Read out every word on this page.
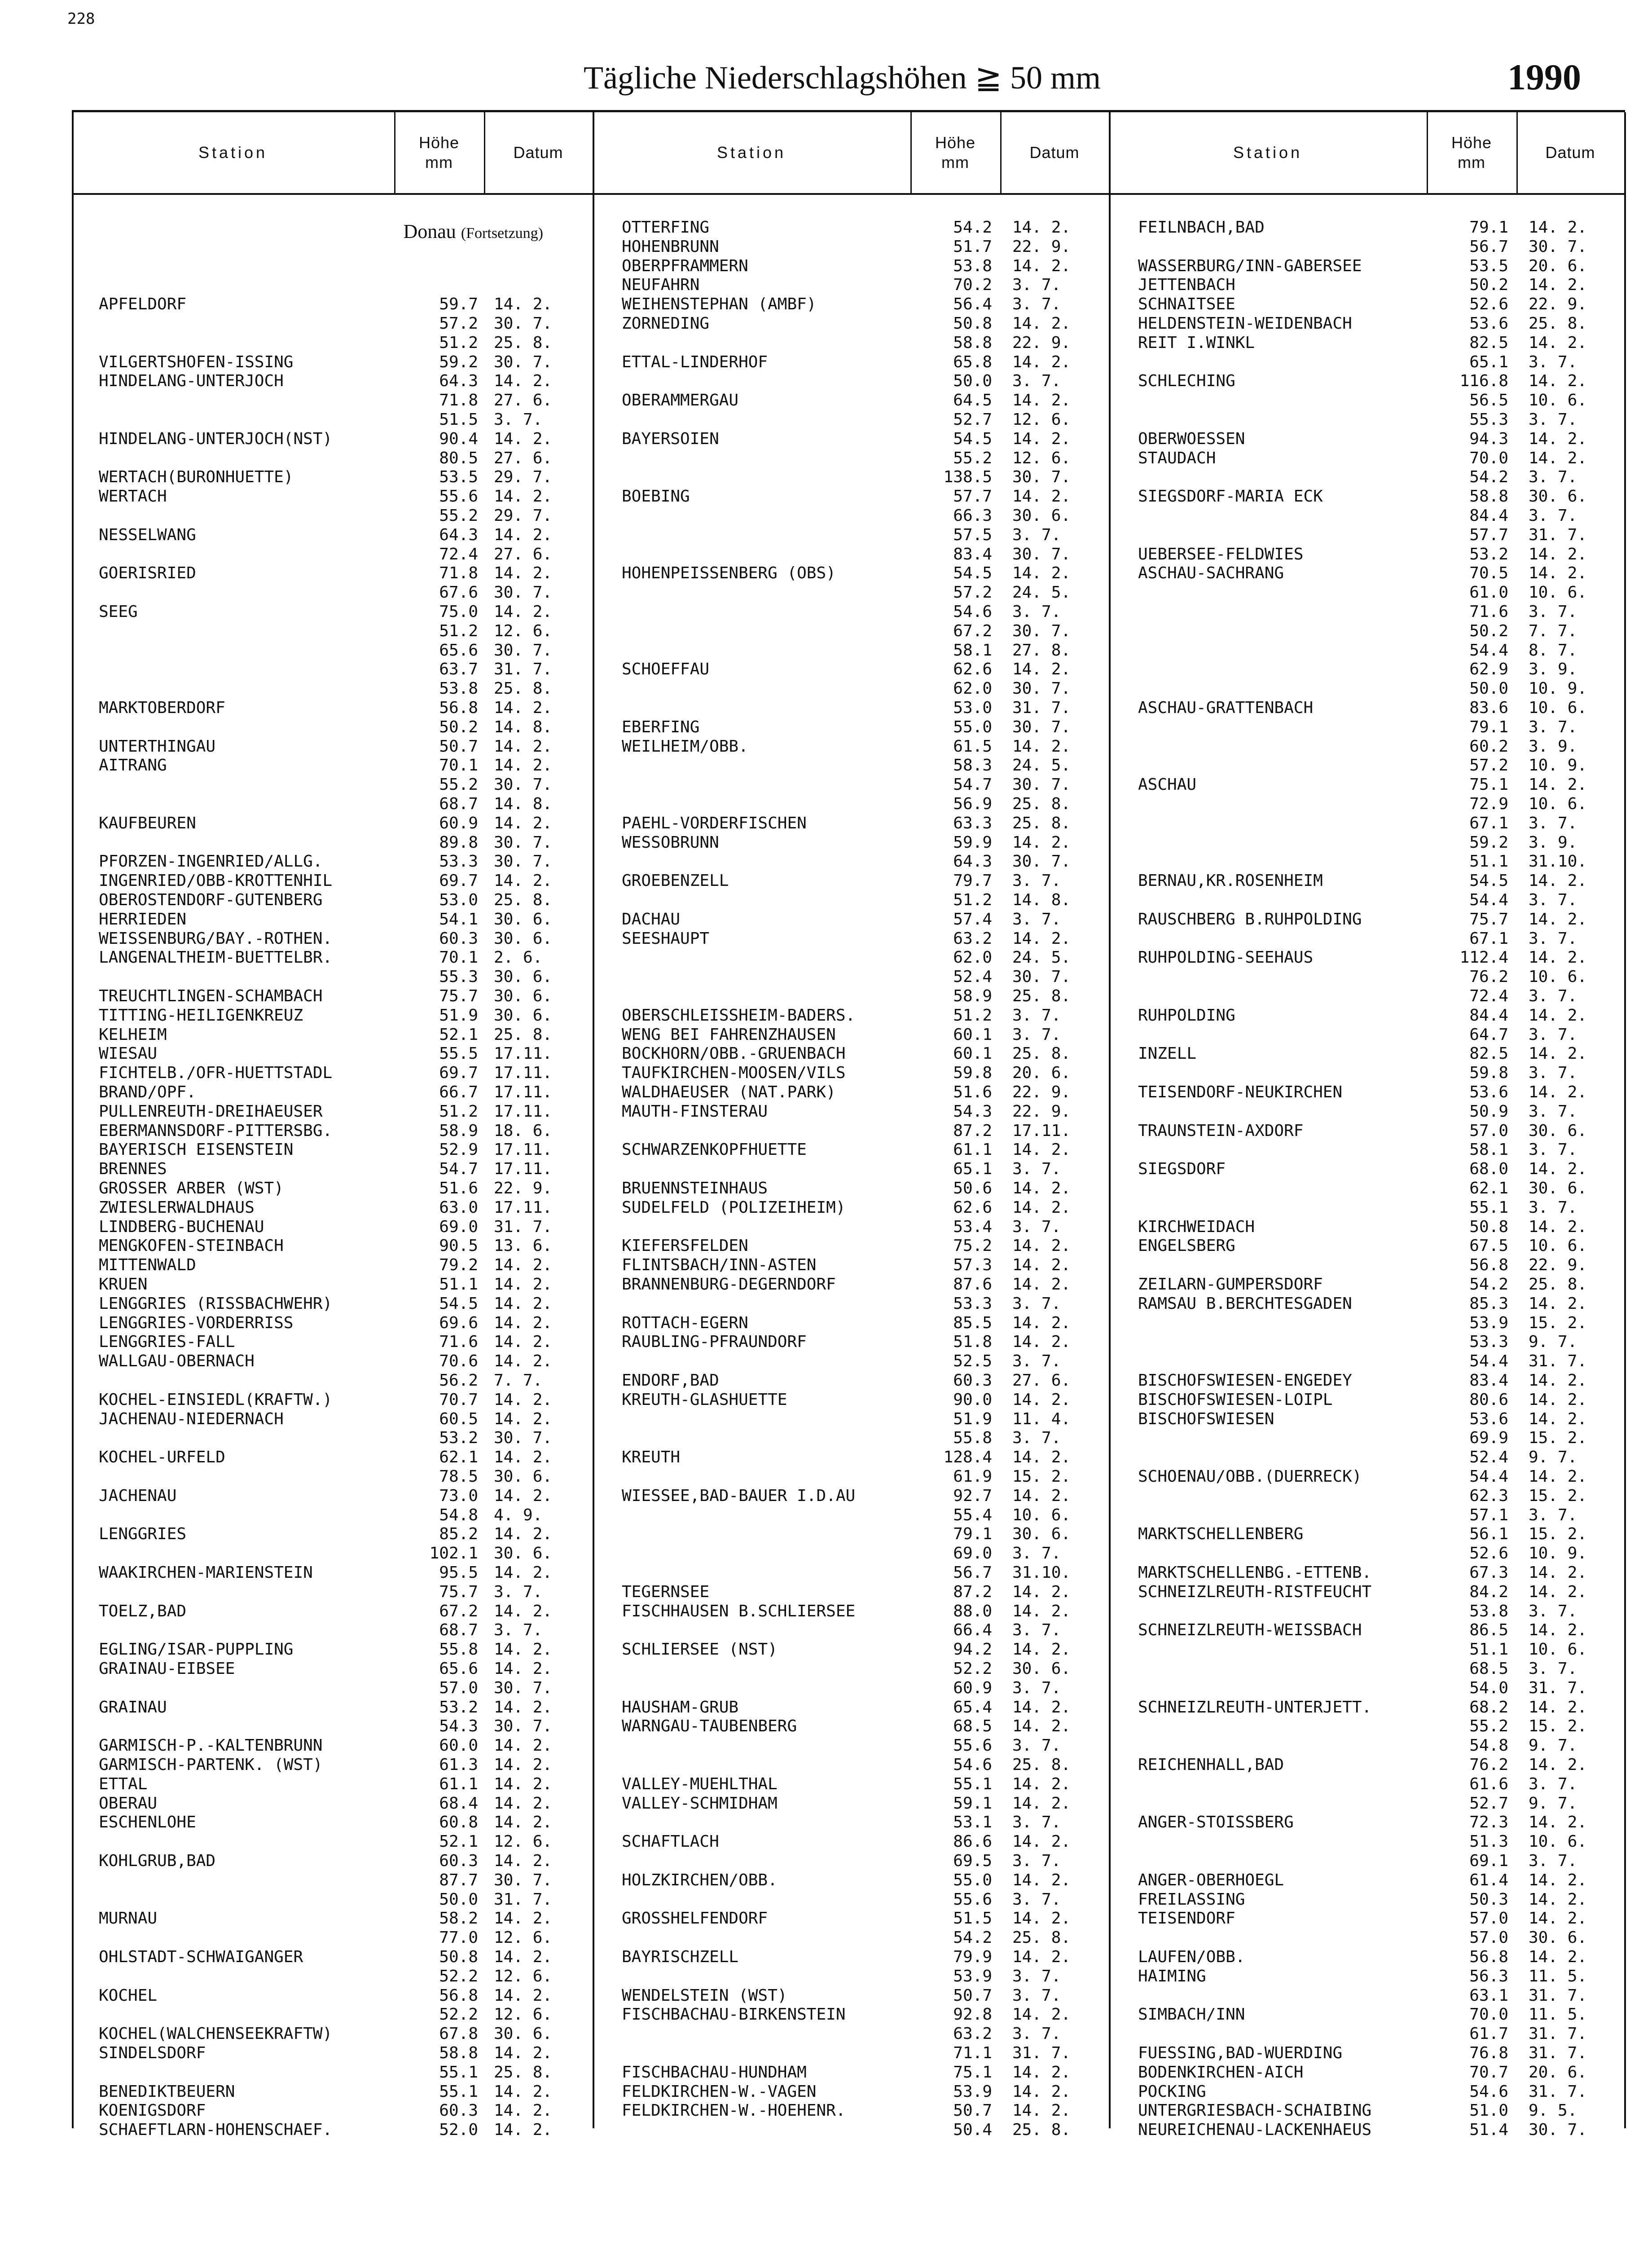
228
Tägliche Niederschlagshöhen ≧ 50 mm	1990
Station
Höhe
mm
Datum	Station
Höhe
mm
Datum	Station
Höhe
mm
Datum
Donau (Fortsetzung)
APFELDORF	59.7 14. 2.
57.2 30. 7.
51.2 25. 8.
VILGERTSHOFEN-ISSING	59.2 30. 7.
HINDELANG-UNTERJOCH	64.3 14. 2.
71.8 27. 6.
51.5 3. 7.
HINDELANG-UNTERJOCH(NST)	90.4 14. 2.
80.5 27. 6.
WERTACH(BURONHUETTE)	53.5 29. 7.
WERTACH	55.6 14. 2.
55.2 29. 7.
NESSELWANG	64.3 14. 2.
72.4 27. 6.
GOERISRIED	71.8 14. 2.
67.6 30. 7.
SEEG	75.0 14. 2.
51.2 12. 6.
65.6 30. 7.
63.7 31. 7.
53.8 25. 8.
MARKTOBERDORF	56.8 14. 2.
50.2 14. 8.
UNTERTHINGAU	50.7 14. 2.
AITRANG	70.1 14. 2.
55.2 30. 7.
68.7 14. 8.
KAUFBEUREN	60.9 14. 2.
89.8 30. 7.
PFORZEN-INGENRIED/ALLG.	53.3 30. 7.
INGENRIED/OBB-KROTTENHIL	69.7 14. 2.
OBEROSTENDORF-GUTENBERG	53.0 25. 8.
HERRIEDEN	54.1 30. 6.
WEISSENBURG/BAY.-ROTHEN.	60.3 30. 6.
LANGENALTHEIM-BUETTELBR.	70.1 2. 6.
55.3 30. 6.
TREUCHTLINGEN-SCHAMBACH	75.7 30. 6.
TITTING-HEILIGENKREUZ	51.9 30. 6.
KELHEIM	52.1 25. 8.
WIESAU	55.5 17.11.
FICHTELB./OFR-HUETTSTADL	69.7 17.11.
BRAND/OPF.	66.7 17.11.
PULLENREUTH-DREIHAEUSER	51.2 17.11.
EBERMANNSDORF-PITTERSBG.	58.9 18. 6.
BAYERISCH EISENSTEIN	52.9 17.11.
BRENNES	54.7 17.11.
GROSSER ARBER (WST)	51.6 22. 9.
ZWIESLERWALDHAUS	63.0 17.11.
LINDBERG-BUCHENAU	69.0 31. 7.
MENGKOFEN-STEINBACH	90.5 13. 6.
MITTENWALD	79.2 14. 2.
KRUEN	51.1 14. 2.
LENGGRIES (RISSBACHWEHR)	54.5 14. 2.
LENGGRIES-VORDERRISS	69.6 14. 2.
LENGGRIES-FALL	71.6 14. 2.
WALLGAU-OBERNACH	70.6 14. 2.
56.2 7. 7.
KOCHEL-EINSIEDL(KRAFTW.)	70.7 14. 2.
JACHENAU-NIEDERNACH	60.5 14. 2.
53.2 30. 7.
KOCHEL-URFELD	62.1 14. 2.
78.5 30. 6.
JACHENAU	73.0 14. 2.
54.8 4. 9.
LENGGRIES	85.2 14. 2.
102.1 30. 6.
WAAKIRCHEN-MARIENSTEIN	95.5 14. 2.
75.7 3. 7.
TOELZ,BAD	67.2 14. 2.
68.7 3. 7.
EGLING/ISAR-PUPPLING	55.8 14. 2.
GRAINAU-EIBSEE	65.6 14. 2.
57.0 30. 7.
GRAINAU	53.2 14. 2.
54.3 30. 7.
GARMISCH-P.-KALTENBRUNN	60.0 14. 2.
GARMISCH-PARTENK. (WST)	61.3 14. 2.
ETTAL	61.1 14. 2.
OBERAU	68.4 14. 2.
ESCHENLOHE	60.8 14. 2.
52.1 12. 6.
KOHLGRUB,BAD	60.3 14. 2.
87.7 30. 7.
50.0 31. 7.
MURNAU	58.2 14. 2.
77.0 12. 6.
OHLSTADT-SCHWAIGANGER	50.8 14. 2.
52.2 12. 6.
KOCHEL	56.8 14. 2.
52.2 12. 6.
KOCHEL(WALCHENSEEKRAFTW)	67.8 30. 6.
SINDELSDORF	58.8 14. 2.
55.1 25. 8.
BENEDIKTBEUERN	55.1 14. 2.
KOENIGSDORF	60.3 14. 2.
SCHAEFTLARN-HOHENSCHAEF.	52.0 14. 2.
OTTERFING	54.2 14. 2.
HOHENBRUNN	51.7 22. 9.
OBERPFRAMMERN	53.8 14. 2.
NEUFAHRN	70.2 3. 7.
WEIHENSTEPHAN (AMBF)	56.4 3. 7.
ZORNEDING	50.8 14. 2.
58.8 22. 9.
ETTAL-LINDERHOF	65.8 14. 2.
50.0 3. 7.
OBERAMMERGAU	64.5 14. 2.
52.7 12. 6.
BAYERSOIEN	54.5 14. 2.
55.2 12. 6.
138.5 30. 7.
BOEBING	57.7 14. 2.
66.3 30. 6.
57.5 3. 7.
83.4 30. 7.
HOHENPEISSENBERG (OBS)	54.5 14. 2.
57.2 24. 5.
54.6 3. 7.
67.2 30. 7.
58.1 27. 8.
SCHOEFFAU	62.6 14. 2.
62.0 30. 7.
53.0 31. 7.
EBERFING	55.0 30. 7.
WEILHEIM/OBB.	61.5 14. 2.
58.3 24. 5.
54.7 30. 7.
56.9 25. 8.
PAEHL-VORDERFISCHEN	63.3 25. 8.
WESSOBRUNN	59.9 14. 2.
64.3 30. 7.
GROEBENZELL	79.7 3. 7.
51.2 14. 8.
DACHAU	57.4 3. 7.
SEESHAUPT	63.2 14. 2.
62.0 24. 5.
52.4 30. 7.
58.9 25. 8.
OBERSCHLEISSHEIM-BADERS.	51.2 3. 7.
WENG BEI FAHRENZHAUSEN	60.1 3. 7.
BOCKHORN/OBB.-GRUENBACH	60.1 25. 8.
TAUFKIRCHEN-MOOSEN/VILS	59.8 20. 6.
WALDHAEUSER (NAT.PARK)	51.6 22. 9.
MAUTH-FINSTERAU	54.3 22. 9.
87.2 17.11.
SCHWARZENKOPFHUETTE	61.1 14. 2.
65.1 3. 7.
BRUENNSTEINHAUS	50.6 14. 2.
SUDELFELD (POLIZEIHEIM)	62.6 14. 2.
53.4 3. 7.
KIEFERSFELDEN	75.2 14. 2.
FLINTSBACH/INN-ASTEN	57.3 14. 2.
BRANNENBURG-DEGERNDORF	87.6 14. 2.
53.3 3. 7.
ROTTACH-EGERN	85.5 14. 2.
RAUBLING-PFRAUNDORF	51.8 14. 2.
52.5 3. 7.
ENDORF,BAD	60.3 27. 6.
KREUTH-GLASHUETTE	90.0 14. 2.
51.9 11. 4.
55.8 3. 7.
KREUTH	128.4 14. 2.
61.9 15. 2.
WIESSEE,BAD-BAUER I.D.AU	92.7 14. 2.
55.4 10. 6.
79.1 30. 6.
69.0 3. 7.
56.7 31.10.
TEGERNSEE	87.2 14. 2.
FISCHHAUSEN B.SCHLIERSEE	88.0 14. 2.
66.4 3. 7.
SCHLIERSEE (NST)	94.2 14. 2.
52.2 30. 6.
60.9 3. 7.
HAUSHAM-GRUB	65.4 14. 2.
WARNGAU-TAUBENBERG	68.5 14. 2.
55.6 3. 7.
54.6 25. 8.
VALLEY-MUEHLTHAL	55.1 14. 2.
VALLEY-SCHMIDHAM	59.1 14. 2.
53.1 3. 7.
SCHAFTLACH	86.6 14. 2.
69.5 3. 7.
HOLZKIRCHEN/OBB.	55.0 14. 2.
55.6 3. 7.
GROSSHELFENDORF	51.5 14. 2.
54.2 25. 8.
BAYRISCHZELL	79.9 14. 2.
53.9 3. 7.
WENDELSTEIN (WST)	50.7 3. 7.
FISCHBACHAU-BIRKENSTEIN	92.8 14. 2.
63.2 3. 7.
71.1 31. 7.
FISCHBACHAU-HUNDHAM	75.1 14. 2.
FELDKIRCHEN-W.-VAGEN	53.9 14. 2.
FELDKIRCHEN-W.-HOEHENR.	50.7 14. 2.
50.4 25. 8.
FEILNBACH,BAD	79.1 14. 2.
56.7 30. 7.
WASSERBURG/INN-GABERSEE	53.5 20. 6.
JETTENBACH	50.2 14. 2.
SCHNAITSEE	52.6 22. 9.
HELDENSTEIN-WEIDENBACH	53.6 25. 8.
REIT I.WINKL	82.5 14. 2.
65.1 3. 7.
SCHLECHING	116.8 14. 2.
56.5 10. 6.
55.3 3. 7.
OBERWOESSEN	94.3 14. 2.
STAUDACH	70.0 14. 2.
54.2 3. 7.
SIEGSDORF-MARIA ECK	58.8 30. 6.
84.4 3. 7.
57.7 31. 7.
UEBERSEE-FELDWIES	53.2 14. 2.
ASCHAU-SACHRANG	70.5 14. 2.
61.0 10. 6.
71.6 3. 7.
50.2 7. 7.
54.4 8. 7.
62.9 3. 9.
50.0 10. 9.
ASCHAU-GRATTENBACH	83.6 10. 6.
79.1 3. 7.
60.2 3. 9.
57.2 10. 9.
ASCHAU	75.1 14. 2.
72.9 10. 6.
67.1 3. 7.
59.2 3. 9.
51.1 31.10.
BERNAU,KR.ROSENHEIM	54.5 14. 2.
54.4 3. 7.
RAUSCHBERG B.RUHPOLDING	75.7 14. 2.
67.1 3. 7.
RUHPOLDING-SEEHAUS	112.4 14. 2.
76.2 10. 6.
72.4 3. 7.
RUHPOLDING	84.4 14. 2.
64.7 3. 7.
INZELL	82.5 14. 2.
59.8 3. 7.
TEISENDORF-NEUKIRCHEN	53.6 14. 2.
50.9 3. 7.
TRAUNSTEIN-AXDORF	57.0 30. 6.
58.1 3. 7.
SIEGSDORF	68.0 14. 2.
62.1 30. 6.
55.1 3. 7.
KIRCHWEIDACH	50.8 14. 2.
ENGELSBERG	67.5 10. 6.
56.8 22. 9.
ZEILARN-GUMPERSDORF	54.2 25. 8.
RAMSAU B.BERCHTESGADEN	85.3 14. 2.
53.9 15. 2.
53.3 9. 7.
54.4 31. 7.
BISCHOFSWIESEN-ENGEDEY	83.4 14. 2.
BISCHOFSWIESEN-LOIPL	80.6 14. 2.
BISCHOFSWIESEN	53.6 14. 2.
69.9 15. 2.
52.4 9. 7.
SCHOENAU/OBB.(DUERRECK)	54.4 14. 2.
62.3 15. 2.
57.1 3. 7.
MARKTSCHELLENBERG	56.1 15. 2.
52.6 10. 9.
MARKTSCHELLENBG.-ETTENB.	67.3 14. 2.
SCHNEIZLREUTH-RISTFEUCHT	84.2 14. 2.
53.8 3. 7.
SCHNEIZLREUTH-WEISSBACH	86.5 14. 2.
51.1 10. 6.
68.5 3. 7.
54.0 31. 7.
SCHNEIZLREUTH-UNTERJETT.	68.2 14. 2.
55.2 15. 2.
54.8 9. 7.
REICHENHALL,BAD	76.2 14. 2.
61.6 3. 7.
52.7 9. 7.
ANGER-STOISSBERG	72.3 14. 2.
51.3 10. 6.
69.1 3. 7.
ANGER-OBERHOEGL	61.4 14. 2.
FREILASSING	50.3 14. 2.
TEISENDORF	57.0 14. 2.
57.0 30. 6.
LAUFEN/OBB.	56.8 14. 2.
HAIMING	56.3 11. 5.
63.1 31. 7.
SIMBACH/INN	70.0 11. 5.
61.7 31. 7.
FUESSING,BAD-WUERDING	76.8 31. 7.
BODENKIRCHEN-AICH	70.7 20. 6.
POCKING	54.6 31. 7.
UNTERGRIESBACH-SCHAIBING	51.0 9. 5.
NEUREICHENAU-LACKENHAEUS	51.4 30. 7.
